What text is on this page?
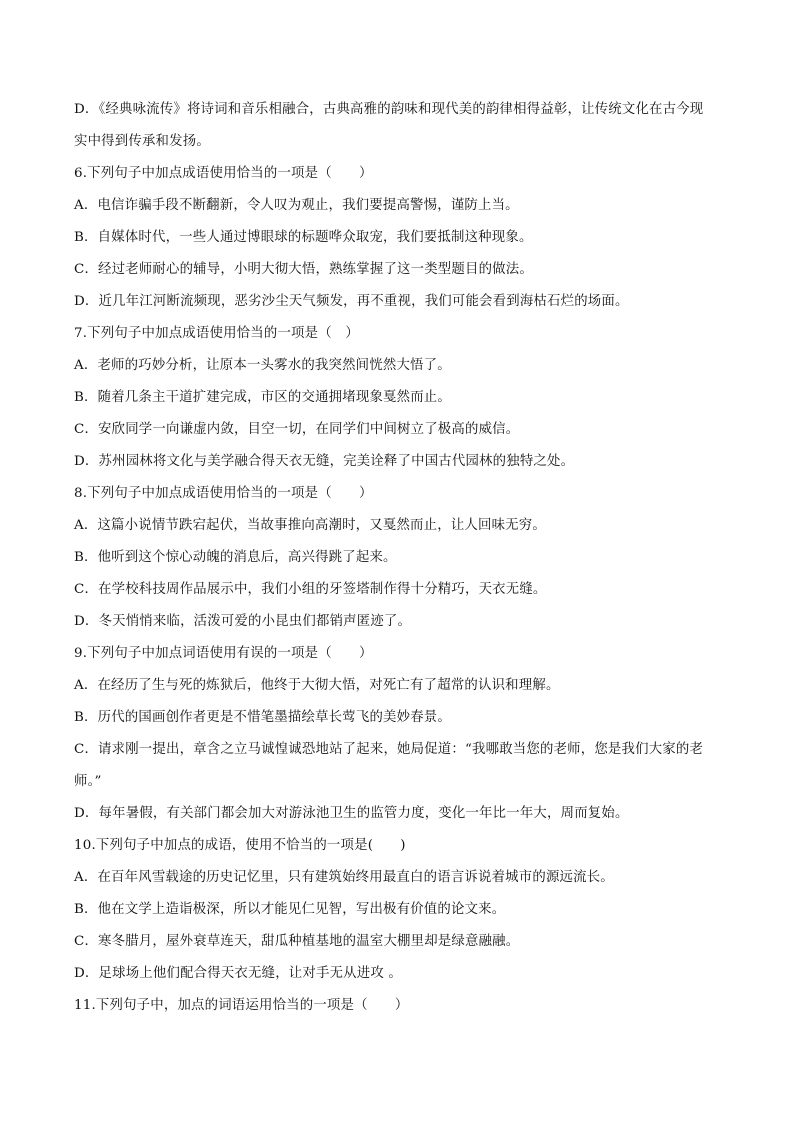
D．《经典咏流传》将诗词和音乐相融合，古典高雅的韵味和现代美的韵律相得益彰，让传统文化在古今现
实中得到传承和发扬。
6.下列句子中加点成语使用恰当的一项是（　　）
A．电信诈骗手段不断翻新，令人叹为观止，我们要提高警惕，谨防上当。
B．自媒体时代，一些人通过博眼球的标题哗众取宠，我们要抵制这种现象。
C．经过老师耐心的辅导，小明大彻大悟，熟练掌握了这一类型题目的做法。
D．近几年江河断流频现，恶劣沙尘天气频发，再不重视，我们可能会看到海枯石烂的场面。
7.下列句子中加点成语使用恰当的一项是（　）
A．老师的巧妙分析，让原本一头雾水的我突然间恍然大悟了。
B．随着几条主干道扩建完成，市区的交通拥堵现象戛然而止。
C．安欣同学一向谦虚内敛，目空一切，在同学们中间树立了极高的威信。
D．苏州园林将文化与美学融合得天衣无缝，完美诠释了中国古代园林的独特之处。
8.下列句子中加点成语使用恰当的一项是（　　）
A．这篇小说情节跌宕起伏，当故事推向高潮时，又戛然而止，让人回味无穷。
B．他听到这个惊心动魄的消息后，高兴得跳了起来。
C．在学校科技周作品展示中，我们小组的牙签塔制作得十分精巧，天衣无缝。
D．冬天悄悄来临，活泼可爱的小昆虫们都销声匿迹了。
9.下列句子中加点词语使用有误的一项是（　　）
A．在经历了生与死的炼狱后，他终于大彻大悟，对死亡有了超常的认识和理解。
B．历代的国画创作者更是不惜笔墨描绘草长莺飞的美妙春景。
C．请求刚一提出，章含之立马诚惶诚恐地站了起来，她局促道：“我哪敢当您的老师，您是我们大家的老
师。”
D．每年暑假，有关部门都会加大对游泳池卫生的监管力度，变化一年比一年大，周而复始。
10.下列句子中加点的成语，使用不恰当的一项是(　　)
A．在百年风雪载途的历史记忆里，只有建筑始终用最直白的语言诉说着城市的源远流长。
B．他在文学上造诣极深，所以才能见仁见智，写出极有价值的论文来。
C．寒冬腊月，屋外衰草连天，甜瓜种植基地的温室大棚里却是绿意融融。
D．足球场上他们配合得天衣无缝，让对手无从进攻 。
11.下列句子中，加点的词语运用恰当的一项是（　　）
